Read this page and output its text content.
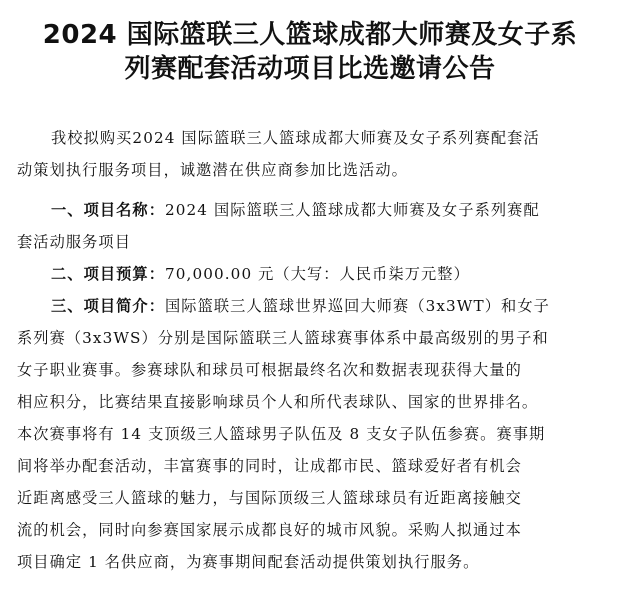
2024 国际篮联三人篮球成都大师赛及女子系
列赛配套活动项目比选邀请公告
我校拟购买2024 国际篮联三人篮球成都大师赛及女子系列赛配套活
动策划执行服务项目，诚邀潜在供应商参加比选活动。
一、项目名称：2024 国际篮联三人篮球成都大师赛及女子系列赛配
套活动服务项目
二、项目预算：70,000.00 元（大写：人民币柒万元整）
三、项目简介：国际篮联三人篮球世界巡回大师赛（3x3WT）和女子
系列赛（3x3WS）分别是国际篮联三人篮球赛事体系中最高级别的男子和
女子职业赛事。参赛球队和球员可根据最终名次和数据表现获得大量的
相应积分，比赛结果直接影响球员个人和所代表球队、国家的世界排名。
本次赛事将有 14 支顶级三人篮球男子队伍及 8 支女子队伍参赛。赛事期
间将举办配套活动，丰富赛事的同时，让成都市民、篮球爱好者有机会
近距离感受三人篮球的魅力，与国际顶级三人篮球球员有近距离接触交
流的机会，同时向参赛国家展示成都良好的城市风貌。采购人拟通过本
项目确定 1 名供应商，为赛事期间配套活动提供策划执行服务。
